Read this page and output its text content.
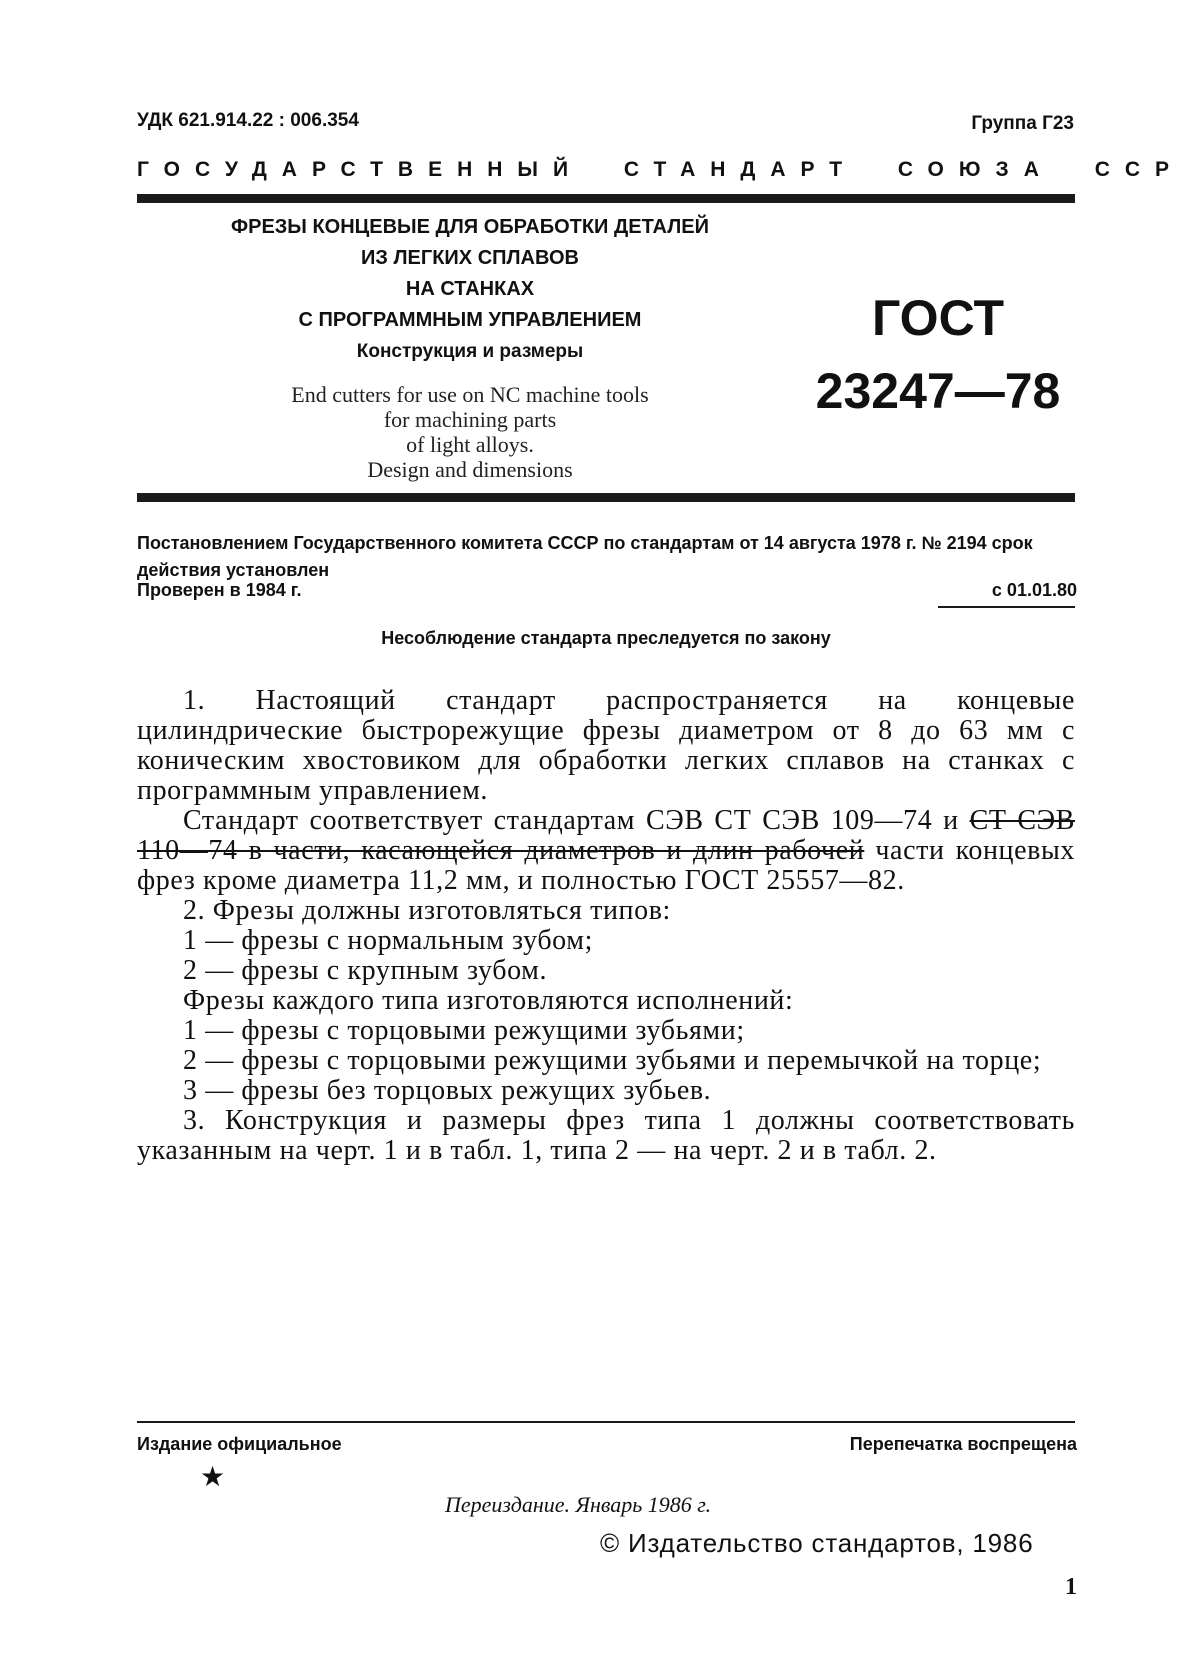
УДК 621.914.22 : 006.354	Группа Г23
ГОСУДАРСТВЕННЫЙ СТАНДАРТ СОЮЗА ССР
ФРЕЗЫ КОНЦЕВЫЕ ДЛЯ ОБРАБОТКИ ДЕТАЛЕЙ
ИЗ ЛЕГКИХ СПЛАВОВ
НА СТАНКАХ
С ПРОГРАММНЫМ УПРАВЛЕНИЕМ
Конструкция и размеры
End cutters for use on NC machine tools
for machining parts
of light alloys.
Design and dimensions
ГОСТ
23247—78
Постановлением Государственного комитета СССР по стандартам от 14 августа 1978 г. № 2194 срок действия установлен
Проверен в 1984 г.	с 01.01.80
Несоблюдение стандарта преследуется по закону

1. Настоящий стандарт распространяется на концевые цилиндрические быстрорежущие фрезы диаметром от 8 до 63 мм с коническим хвостовиком для обработки легких сплавов на станках с программным управлением.

Стандарт соответствует стандартам СЭВ СТ СЭВ 109—74 и СТ СЭВ 110—74 в части, касающейся диаметров и длин рабочей части концевых фрез кроме диаметра 11,2 мм, и полностью ГОСТ 25557—82.

2. Фрезы должны изготовляться типов:

1 — фрезы с нормальным зубом;

2 — фрезы с крупным зубом.

Фрезы каждого типа изготовляются исполнений:

1 — фрезы с торцовыми режущими зубьями;

2 — фрезы с торцовыми режущими зубьями и перемычкой на торце;

3 — фрезы без торцовых режущих зубьев.

3. Конструкция и размеры фрез типа 1 должны соответствовать указанным на черт. 1 и в табл. 1, типа 2 — на черт. 2 и в табл. 2.

Издание официальное	Перепечатка воспрещена
★
Переиздание. Январь 1986 г.
© Издательство стандартов, 1986
1
